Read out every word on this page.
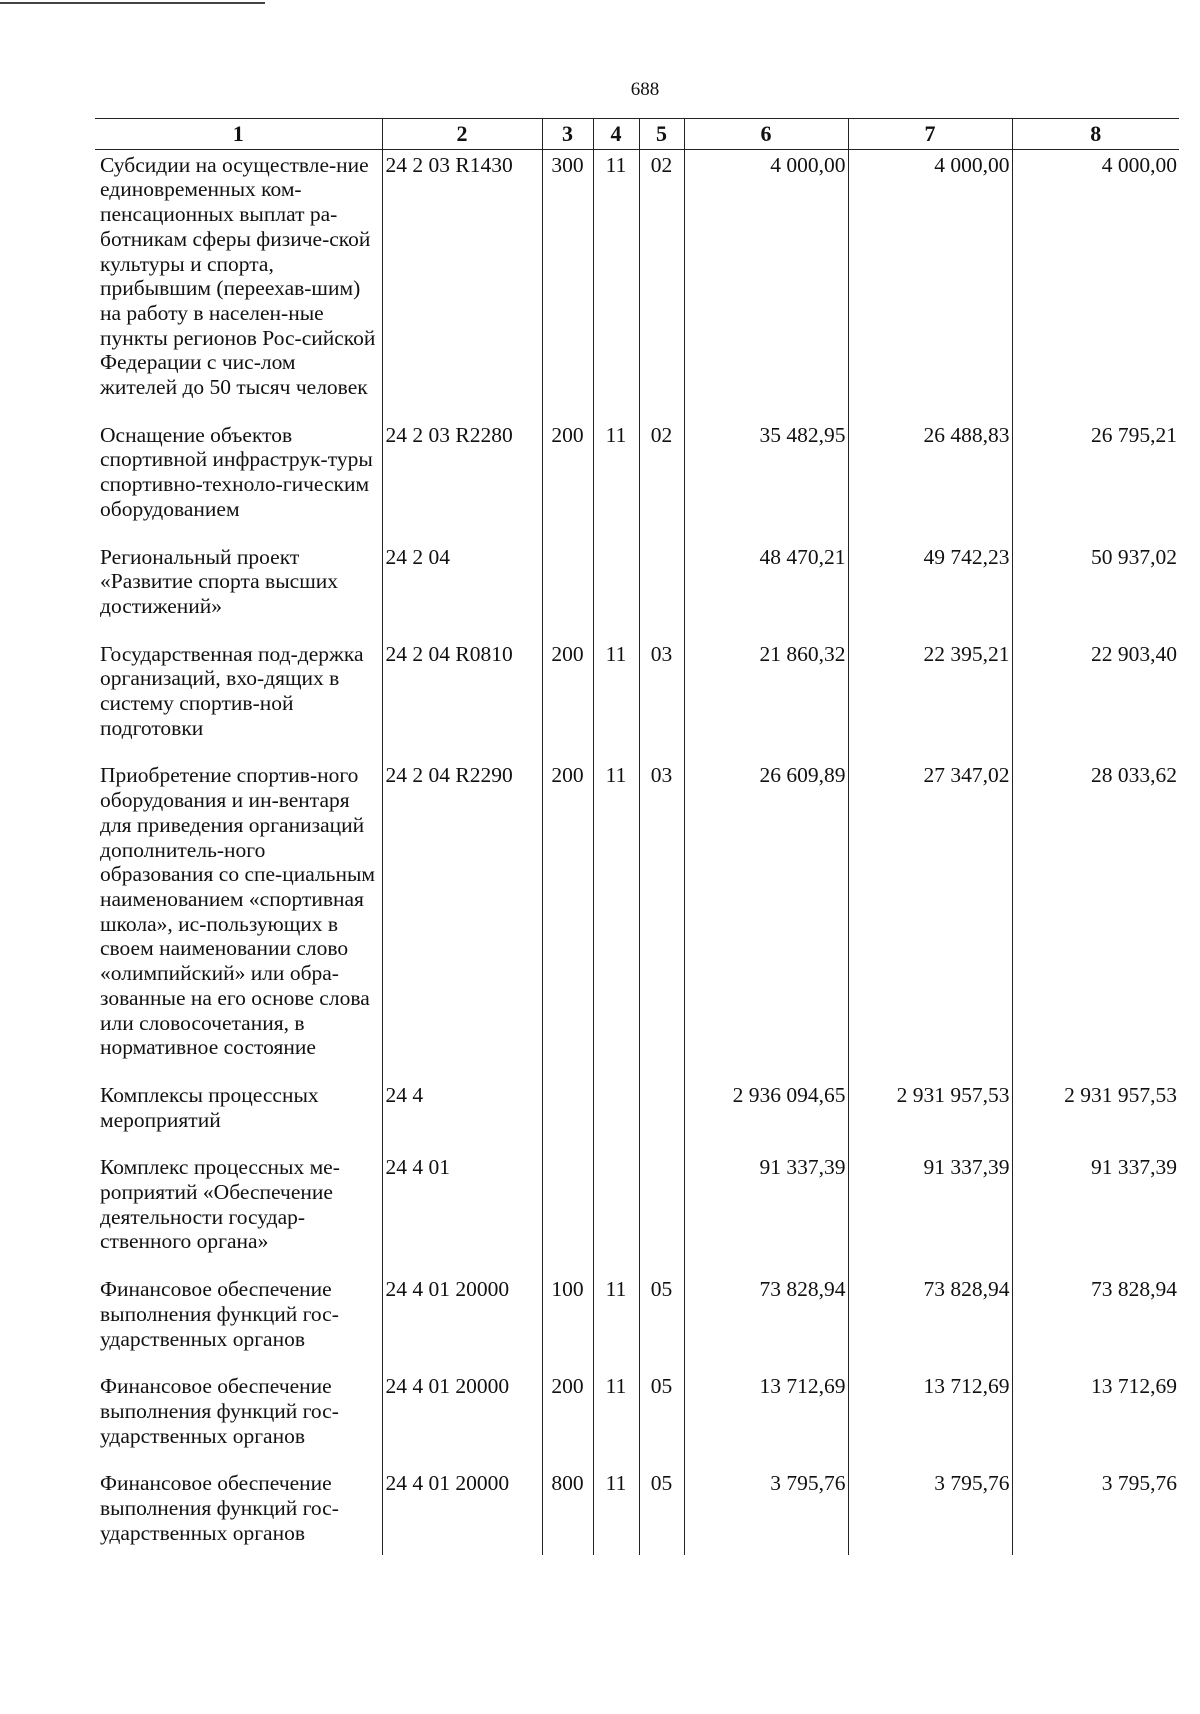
688
1	2	3	4	5	6	7	8
Субсидии на осуществле-ние единовременных ком-пенсационных выплат ра-ботникам сферы физиче-ской культуры и спорта, прибывшим (переехав-шим) на работу в населен-ные пункты регионов Рос-сийской Федерации с чис-лом жителей до 50 тысяч человек	24 2 03 R1430	300	11	02	4 000,00	4 000,00	4 000,00
Оснащение объектов спортивной инфраструк-туры спортивно-техноло-гическим оборудованием	24 2 03 R2280	200	11	02	35 482,95	26 488,83	26 795,21
Региональный проект «Развитие спорта высших достижений»	24 2 04				48 470,21	49 742,23	50 937,02
Государственная под-держка организаций, вхо-дящих в систему спортив-ной подготовки	24 2 04 R0810	200	11	03	21 860,32	22 395,21	22 903,40
Приобретение спортив-ного оборудования и ин-вентаря для приведения организаций дополнитель-ного образования со спе-циальным наименованием «спортивная школа», ис-пользующих в своем наименовании слово «олимпийский» или обра-зованные на его основе слова или словосочетания, в нормативное состояние	24 2 04 R2290	200	11	03	26 609,89	27 347,02	28 033,62
Комплексы процессных мероприятий	24 4				2 936 094,65	2 931 957,53	2 931 957,53
Комплекс процессных ме-роприятий «Обеспечение деятельности государ-ственного органа»	24 4 01				91 337,39	91 337,39	91 337,39
Финансовое обеспечение выполнения функций гос-ударственных органов	24 4 01 20000	100	11	05	73 828,94	73 828,94	73 828,94
Финансовое обеспечение выполнения функций гос-ударственных органов	24 4 01 20000	200	11	05	13 712,69	13 712,69	13 712,69
Финансовое обеспечение выполнения функций гос-ударственных органов	24 4 01 20000	800	11	05	3 795,76	3 795,76	3 795,76
